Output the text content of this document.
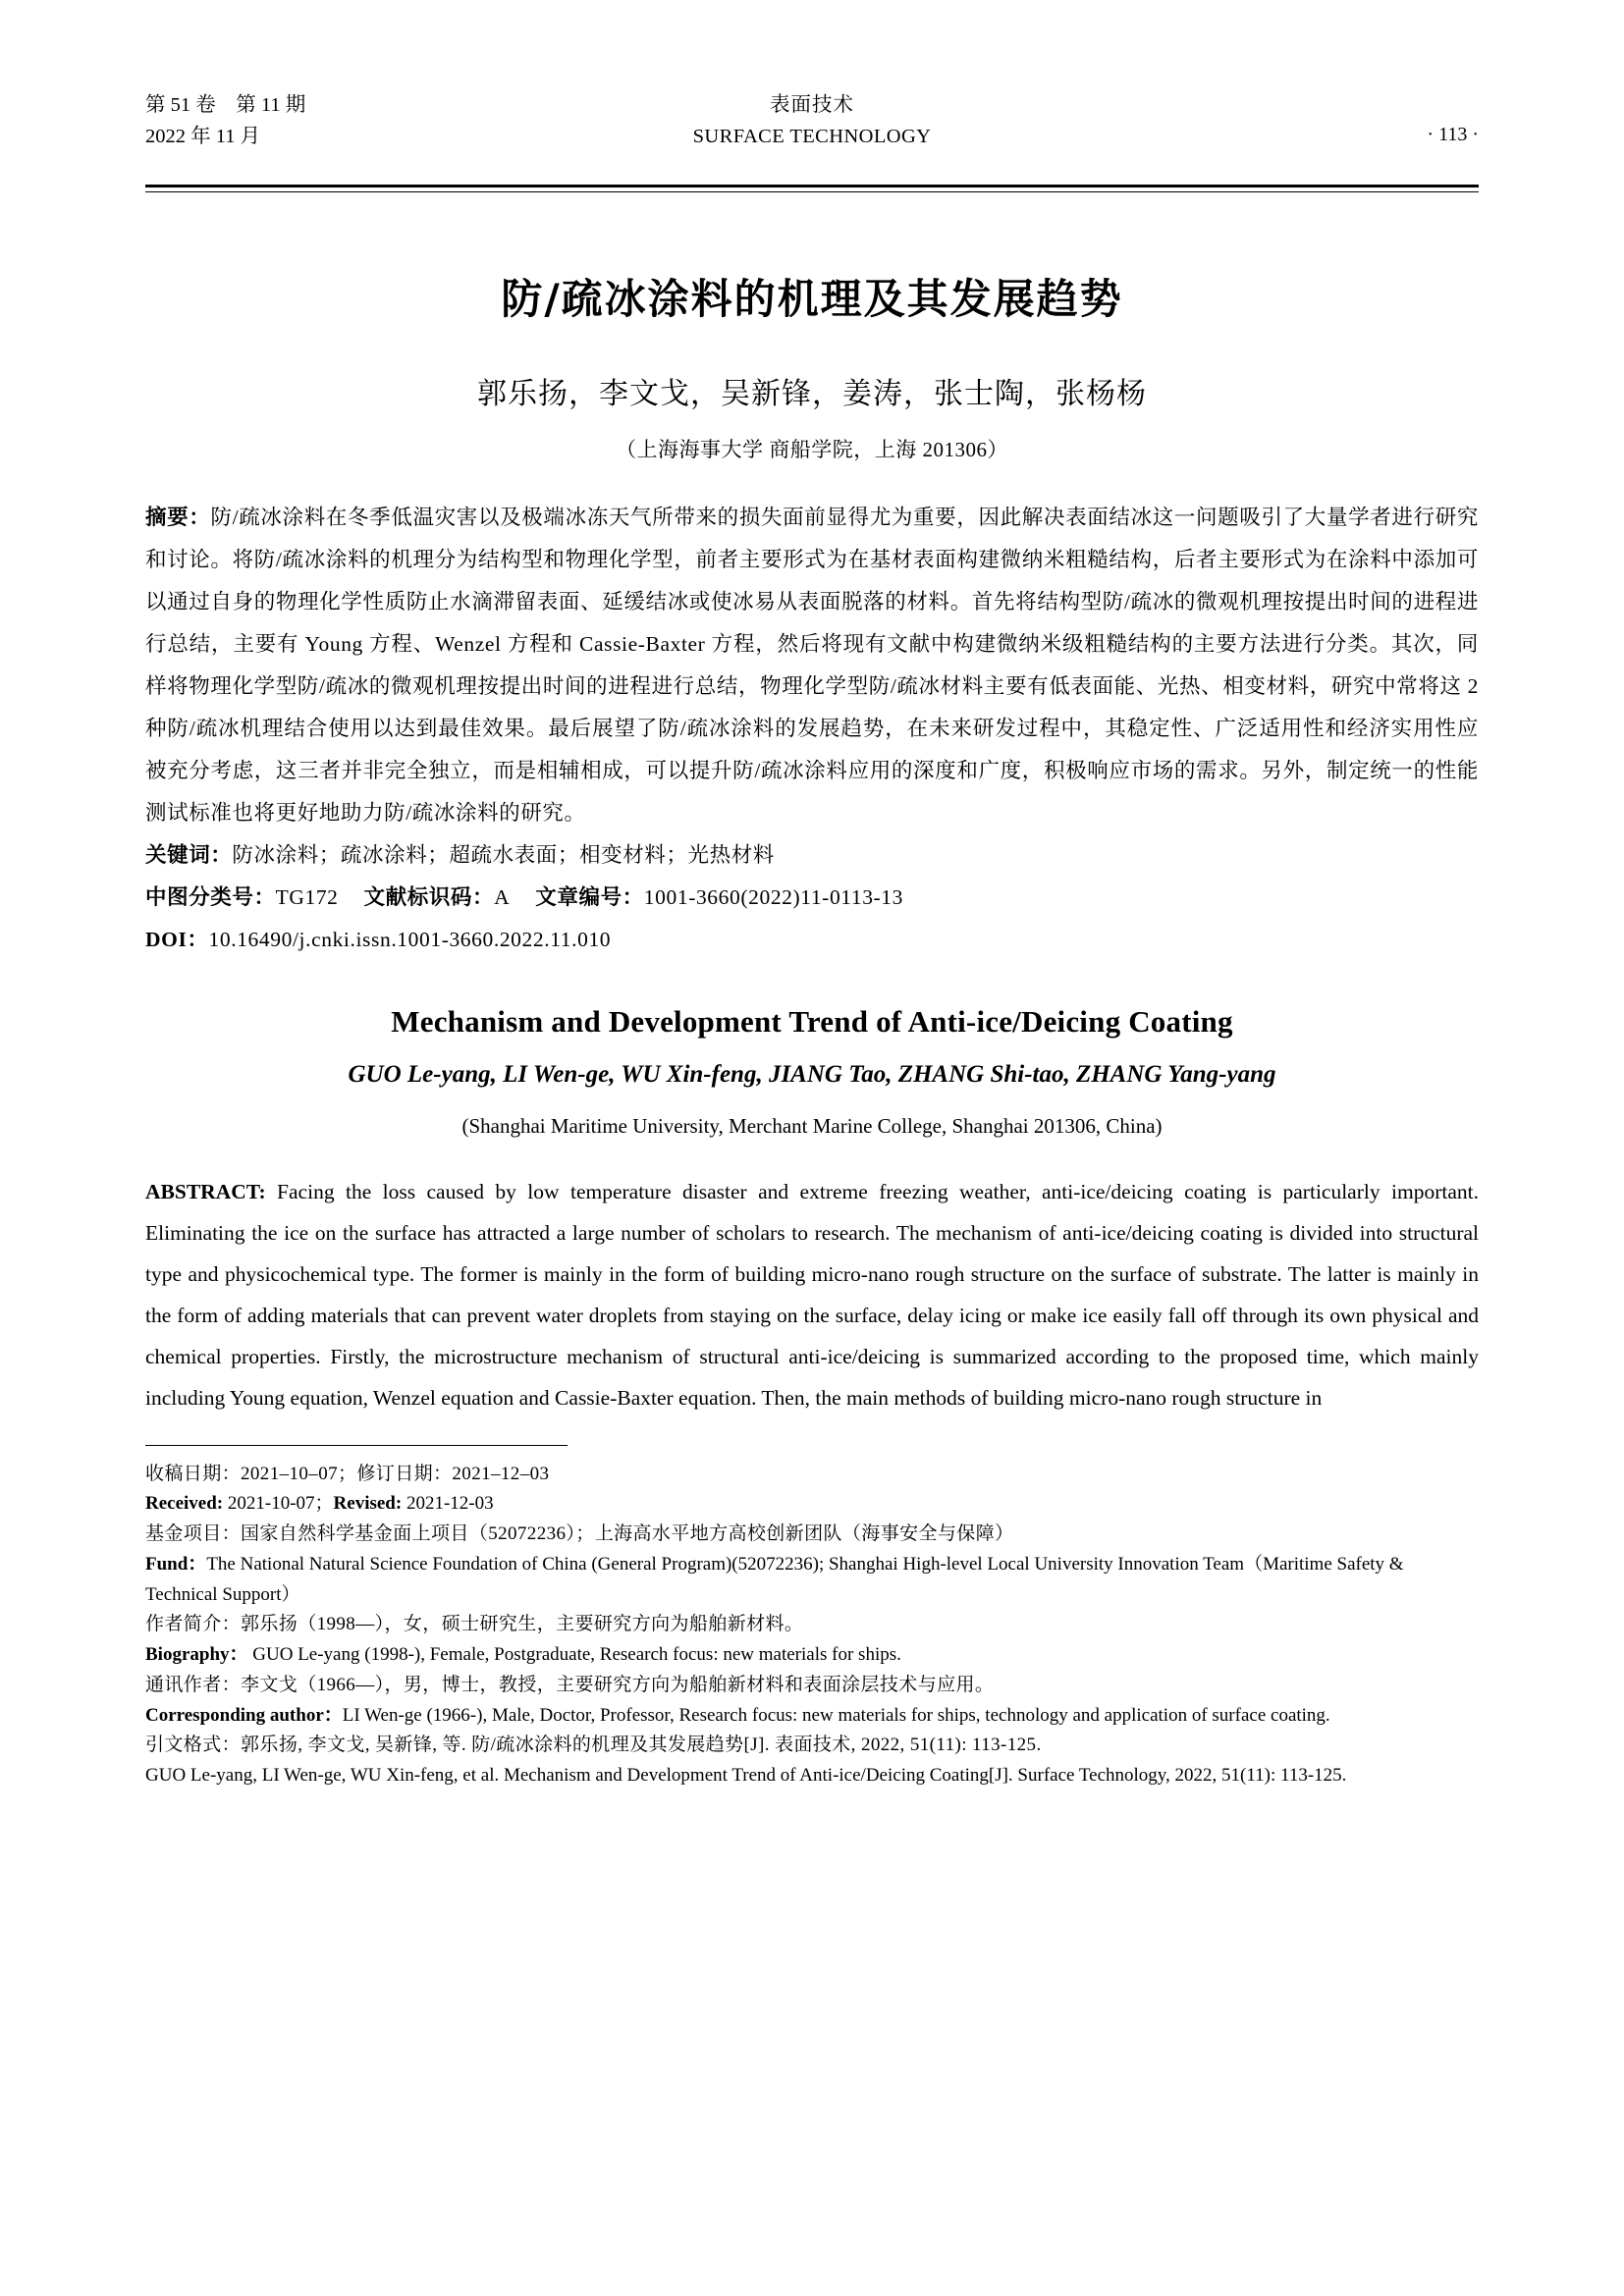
第 51 卷　第 11 期
2022 年 11 月
表面技术
SURFACE TECHNOLOGY	· 113 ·
防/疏冰涂料的机理及其发展趋势
郭乐扬，李文戈，吴新锋，姜涛，张士陶，张杨杨
（上海海事大学 商船学院，上海 201306）
摘要：防/疏冰涂料在冬季低温灾害以及极端冰冻天气所带来的损失面前显得尤为重要，因此解决表面结冰这一问题吸引了大量学者进行研究和讨论。将防/疏冰涂料的机理分为结构型和物理化学型，前者主要形式为在基材表面构建微纳米粗糙结构，后者主要形式为在涂料中添加可以通过自身的物理化学性质防止水滴滞留表面、延缓结冰或使冰易从表面脱落的材料。首先将结构型防/疏冰的微观机理按提出时间的进程进行总结，主要有 Young 方程、Wenzel 方程和 Cassie-Baxter 方程，然后将现有文献中构建微纳米级粗糙结构的主要方法进行分类。其次，同样将物理化学型防/疏冰的微观机理按提出时间的进程进行总结，物理化学型防/疏冰材料主要有低表面能、光热、相变材料，研究中常将这 2 种防/疏冰机理结合使用以达到最佳效果。最后展望了防/疏冰涂料的发展趋势，在未来研发过程中，其稳定性、广泛适用性和经济实用性应被充分考虑，这三者并非完全独立，而是相辅相成，可以提升防/疏冰涂料应用的深度和广度，积极响应市场的需求。另外，制定统一的性能测试标准也将更好地助力防/疏冰涂料的研究。
关键词：防冰涂料；疏冰涂料；超疏水表面；相变材料；光热材料
中图分类号：TG172 文献标识码：A 文章编号：1001-3660(2022)11-0113-13
DOI：10.16490/j.cnki.issn.1001-3660.2022.11.010
Mechanism and Development Trend of Anti-ice/Deicing Coating
GUO Le-yang, LI Wen-ge, WU Xin-feng, JIANG Tao, ZHANG Shi-tao, ZHANG Yang-yang
(Shanghai Maritime University, Merchant Marine College, Shanghai 201306, China)
ABSTRACT: Facing the loss caused by low temperature disaster and extreme freezing weather, anti-ice/deicing coating is particularly important. Eliminating the ice on the surface has attracted a large number of scholars to research. The mechanism of anti-ice/deicing coating is divided into structural type and physicochemical type. The former is mainly in the form of building micro-nano rough structure on the surface of substrate. The latter is mainly in the form of adding materials that can prevent water droplets from staying on the surface, delay icing or make ice easily fall off through its own physical and chemical properties. Firstly, the microstructure mechanism of structural anti-ice/deicing is summarized according to the proposed time, which mainly including Young equation, Wenzel equation and Cassie-Baxter equation. Then, the main methods of building micro-nano rough structure in
收稿日期：2021–10–07；修订日期：2021–12–03
Received: 2021-10-07；Revised: 2021-12-03
基金项目：国家自然科学基金面上项目（52072236）；上海高水平地方高校创新团队（海事安全与保障）
Fund：The National Natural Science Foundation of China (General Program)(52072236); Shanghai High-level Local University Innovation Team（Maritime Safety & Technical Support）
作者简介：郭乐扬（1998—），女，硕士研究生，主要研究方向为船舶新材料。
Biography： GUO Le-yang (1998-), Female, Postgraduate, Research focus: new materials for ships.
通讯作者：李文戈（1966—），男，博士，教授，主要研究方向为船舶新材料和表面涂层技术与应用。
Corresponding author：LI Wen-ge (1966-), Male, Doctor, Professor, Research focus: new materials for ships, technology and application of surface coating.
引文格式：郭乐扬, 李文戈, 吴新锋, 等. 防/疏冰涂料的机理及其发展趋势[J]. 表面技术, 2022, 51(11): 113-125.
GUO Le-yang, LI Wen-ge, WU Xin-feng, et al. Mechanism and Development Trend of Anti-ice/Deicing Coating[J]. Surface Technology, 2022, 51(11): 113-125.
